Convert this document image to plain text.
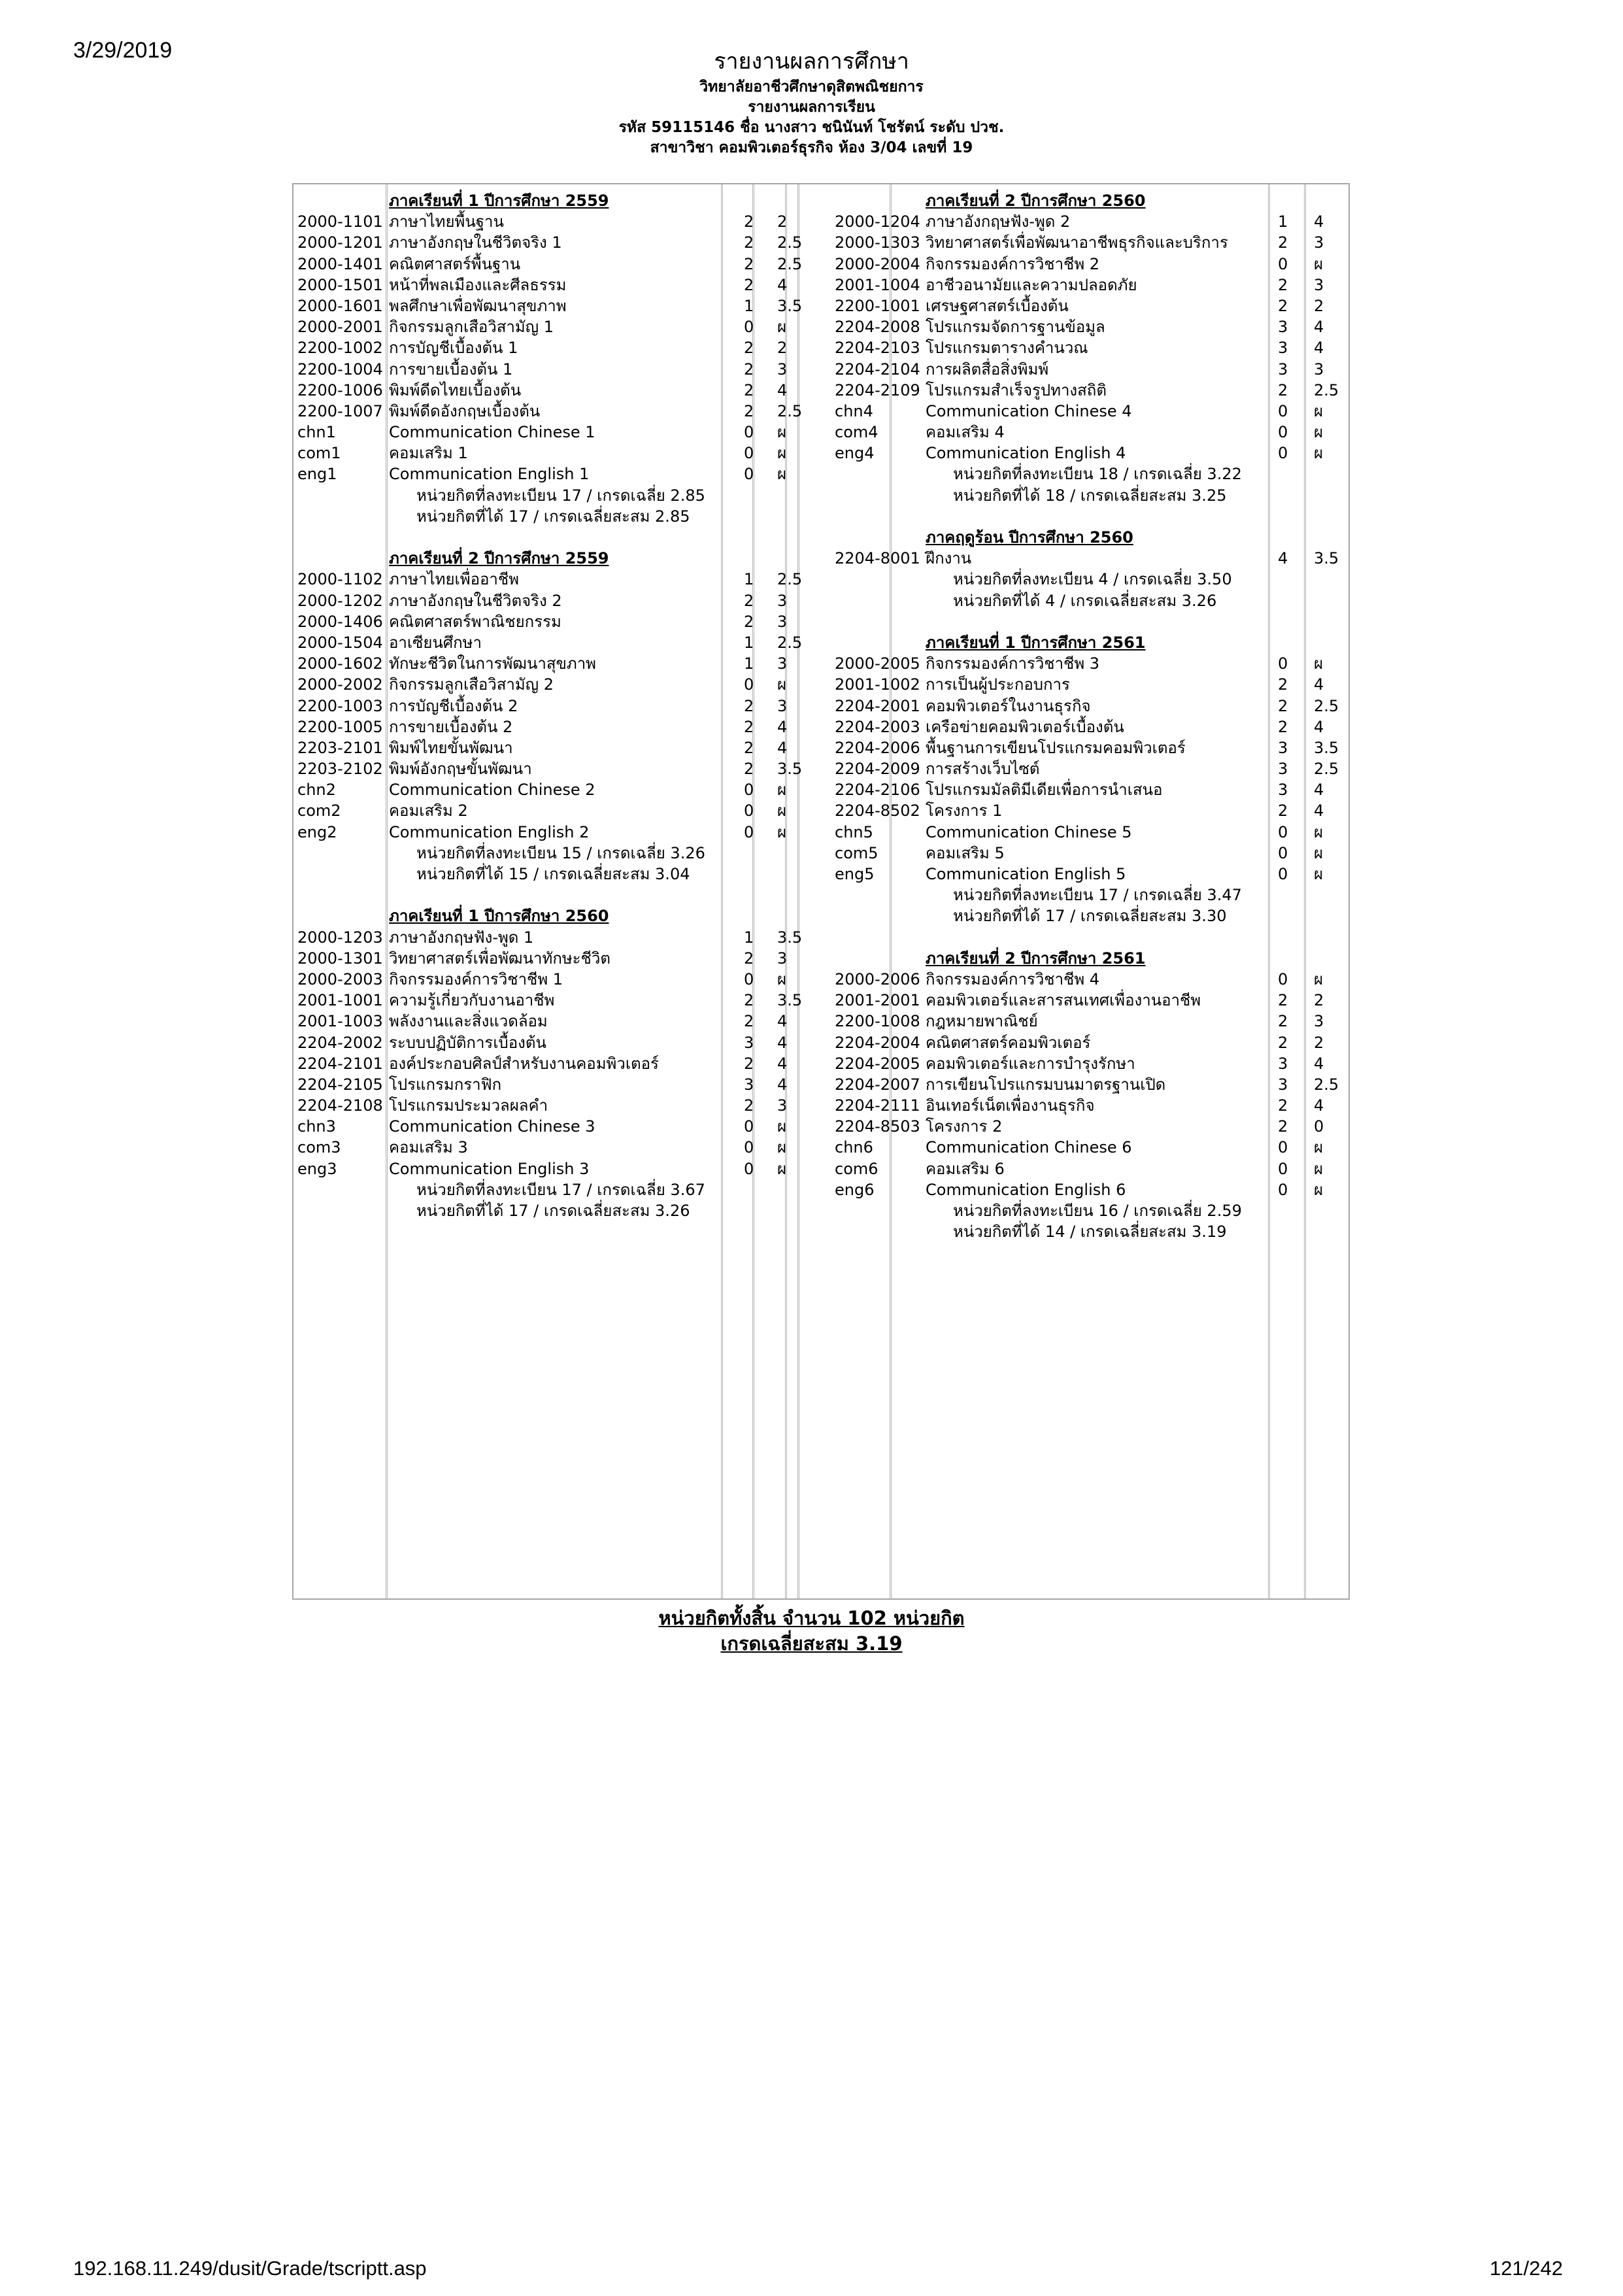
3/29/2019	รายงานผลการศึกษา
วิทยาลัยอาชีวศึกษาดุสิตพณิชยการ
รายงานผลการเรียน
รหัส 59115146 ชื่อ นางสาว ชนินันท์ โชรัตน์ ระดับ ปวช.
สาขาวิชา คอมพิวเตอร์ธุรกิจ ห้อง 3/04 เลขที่ 19
ภาคเรียนที่ 1 ปีการศึกษา 2559
2000-1101 ภาษาไทยพื้นฐาน	2 2
2000-1201 ภาษาอังกฤษในชีวิตจริง 1	2 2.5
2000-1401 คณิตศาสตร์พื้นฐาน	2 2.5
2000-1501 หน้าที่พลเมืองและศีลธรรม	2 4
2000-1601 พลศึกษาเพื่อพัฒนาสุขภาพ	1 3.5
2000-2001 กิจกรรมลูกเสือวิสามัญ 1	0 ผ
2200-1002 การบัญชีเบื้องต้น 1	2 2
2200-1004 การขายเบื้องต้น 1	2 3
2200-1006 พิมพ์ดีดไทยเบื้องต้น	2 4
2200-1007 พิมพ์ดีดอังกฤษเบื้องต้น	2 2.5
chn1	Communication Chinese 1	0 ผ
com1	คอมเสริม 1	0 ผ
eng1	Communication English 1	0 ผ
หน่วยกิตที่ลงทะเบียน 17 / เกรดเฉลี่ย 2.85
หน่วยกิตที่ได้ 17 / เกรดเฉลี่ยสะสม 2.85
ภาคเรียนที่ 2 ปีการศึกษา 2559
2000-1102 ภาษาไทยเพื่ออาชีพ	1 2.5
2000-1202 ภาษาอังกฤษในชีวิตจริง 2	2 3
2000-1406 คณิตศาสตร์พาณิชยกรรม	2 3
2000-1504 อาเซียนศึกษา	1 2.5
2000-1602 ทักษะชีวิตในการพัฒนาสุขภาพ	1 3
2000-2002 กิจกรรมลูกเสือวิสามัญ 2	0 ผ
2200-1003 การบัญชีเบื้องต้น 2	2 3
2200-1005 การขายเบื้องต้น 2	2 4
2203-2101 พิมพ์ไทยขั้นพัฒนา	2 4
2203-2102 พิมพ์อังกฤษขั้นพัฒนา	2 3.5
chn2	Communication Chinese 2	0 ผ
com2	คอมเสริม 2	0 ผ
eng2	Communication English 2	0 ผ
หน่วยกิตที่ลงทะเบียน 15 / เกรดเฉลี่ย 3.26
หน่วยกิตที่ได้ 15 / เกรดเฉลี่ยสะสม 3.04
ภาคเรียนที่ 1 ปีการศึกษา 2560
2000-1203 ภาษาอังกฤษฟัง-พูด 1	1 3.5
2000-1301 วิทยาศาสตร์เพื่อพัฒนาทักษะชีวิต	2 3
2000-2003 กิจกรรมองค์การวิชาชีพ 1	0 ผ
2001-1001 ความรู้เกี่ยวกับงานอาชีพ	2 3.5
2001-1003 พลังงานและสิ่งแวดล้อม	2 4
2204-2002 ระบบปฏิบัติการเบื้องต้น	3 4
2204-2101 องค์ประกอบศิลป์สำหรับงานคอมพิวเตอร์	2 4
2204-2105 โปรแกรมกราฟิก	3 4
2204-2108 โปรแกรมประมวลผลคำ	2 3
chn3	Communication Chinese 3	0 ผ
com3	คอมเสริม 3	0 ผ
eng3	Communication English 3	0 ผ
หน่วยกิตที่ลงทะเบียน 17 / เกรดเฉลี่ย 3.67
หน่วยกิตที่ได้ 17 / เกรดเฉลี่ยสะสม 3.26
ภาคเรียนที่ 2 ปีการศึกษา 2560
2000-1204 ภาษาอังกฤษฟัง-พูด 2	1 4
2000-1303 วิทยาศาสตร์เพื่อพัฒนาอาชีพธุรกิจและบริการ	2 3
2000-2004 กิจกรรมองค์การวิชาชีพ 2	0 ผ
2001-1004 อาชีวอนามัยและความปลอดภัย	2 3
2200-1001 เศรษฐศาสตร์เบื้องต้น	2 2
2204-2008 โปรแกรมจัดการฐานข้อมูล	3 4
2204-2103 โปรแกรมตารางคำนวณ	3 4
2204-2104 การผลิตสื่อสิ่งพิมพ์	3 3
2204-2109 โปรแกรมสำเร็จรูปทางสถิติ	2 2.5
chn4	Communication Chinese 4	0 ผ
com4	คอมเสริม 4	0 ผ
eng4	Communication English 4	0 ผ
หน่วยกิตที่ลงทะเบียน 18 / เกรดเฉลี่ย 3.22
หน่วยกิตที่ได้ 18 / เกรดเฉลี่ยสะสม 3.25
ภาคฤดูร้อน ปีการศึกษา 2560
2204-8001 ฝึกงาน	4 3.5
หน่วยกิตที่ลงทะเบียน 4 / เกรดเฉลี่ย 3.50
หน่วยกิตที่ได้ 4 / เกรดเฉลี่ยสะสม 3.26
ภาคเรียนที่ 1 ปีการศึกษา 2561
2000-2005 กิจกรรมองค์การวิชาชีพ 3	0 ผ
2001-1002 การเป็นผู้ประกอบการ	2 4
2204-2001 คอมพิวเตอร์ในงานธุรกิจ	2 2.5
2204-2003 เครือข่ายคอมพิวเตอร์เบื้องต้น	2 4
2204-2006 พื้นฐานการเขียนโปรแกรมคอมพิวเตอร์	3 3.5
2204-2009 การสร้างเว็บไซต์	3 2.5
2204-2106 โปรแกรมมัลติมีเดียเพื่อการนำเสนอ	3 4
2204-8502 โครงการ 1	2 4
chn5	Communication Chinese 5	0 ผ
com5	คอมเสริม 5	0 ผ
eng5	Communication English 5	0 ผ
หน่วยกิตที่ลงทะเบียน 17 / เกรดเฉลี่ย 3.47
หน่วยกิตที่ได้ 17 / เกรดเฉลี่ยสะสม 3.30
ภาคเรียนที่ 2 ปีการศึกษา 2561
2000-2006 กิจกรรมองค์การวิชาชีพ 4	0 ผ
2001-2001 คอมพิวเตอร์และสารสนเทศเพื่องานอาชีพ	2 2
2200-1008 กฎหมายพาณิชย์	2 3
2204-2004 คณิตศาสตร์คอมพิวเตอร์	2 2
2204-2005 คอมพิวเตอร์และการบำรุงรักษา	3 4
2204-2007 การเขียนโปรแกรมบนมาตรฐานเปิด	3 2.5
2204-2111 อินเทอร์เน็ตเพื่องานธุรกิจ	2 4
2204-8503 โครงการ 2	2 0
chn6	Communication Chinese 6	0 ผ
com6	คอมเสริม 6	0 ผ
eng6	Communication English 6	0 ผ
หน่วยกิตที่ลงทะเบียน 16 / เกรดเฉลี่ย 2.59
หน่วยกิตที่ได้ 14 / เกรดเฉลี่ยสะสม 3.19
หน่วยกิตทั้งสิ้น จำนวน 102 หน่วยกิต
เกรดเฉลี่ยสะสม 3.19
192.168.11.249/dusit/Grade/tscriptt.asp	121/242
